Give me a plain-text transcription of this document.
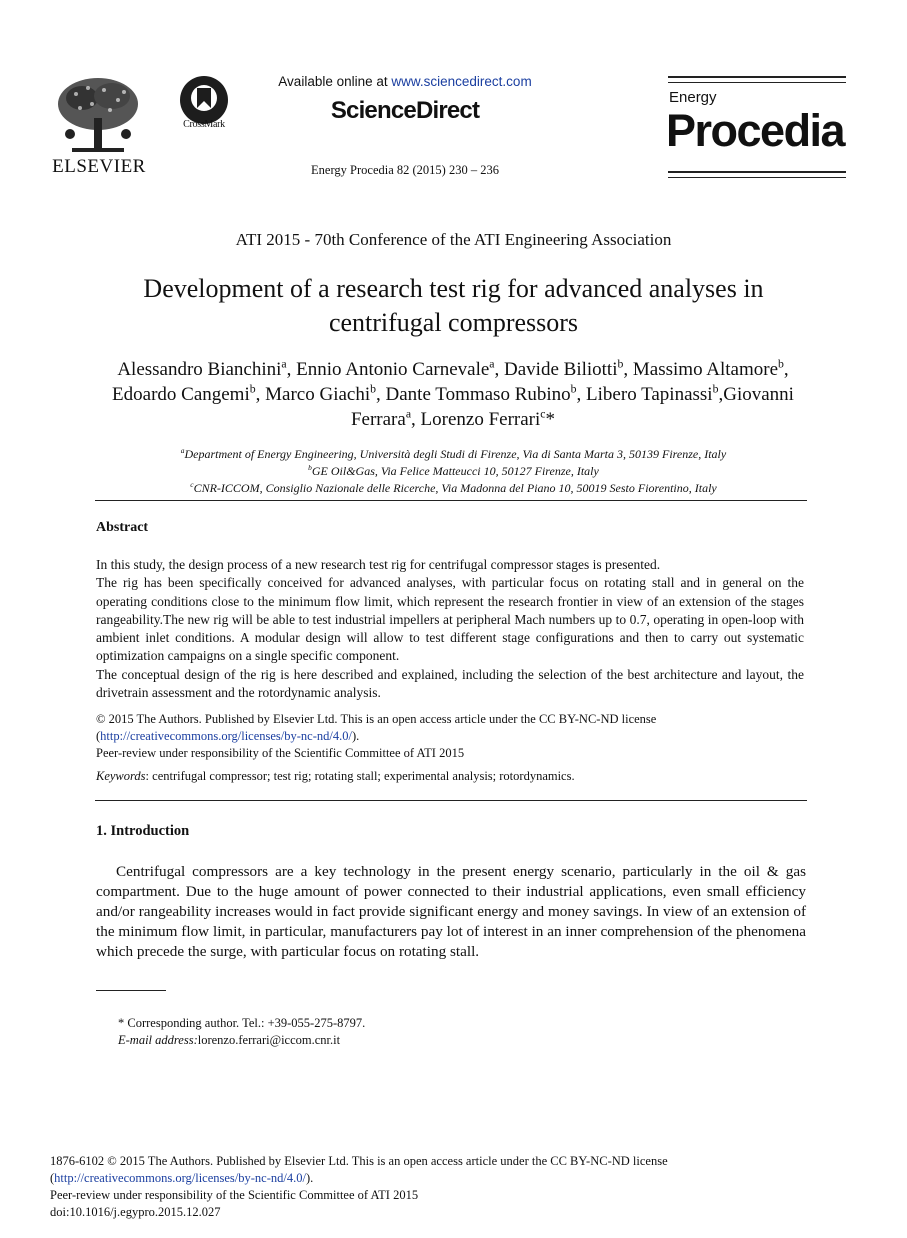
ELSEVIER
CrossMark
Available online at www.sciencedirect.com
ScienceDirect
Energy Procedia 82 (2015) 230 – 236
Energy
Procedia
ATI 2015 - 70th Conference of the ATI Engineering Association
Development of a research test rig for advanced analyses in
centrifugal compressors
Alessandro Bianchini$^a$, Ennio Antonio Carnevale$^a$, Davide Biliotti$^b$, Massimo Altamore$^b$, Edoardo Cangemi$^b$, Marco Giachi$^b$, Dante Tommaso Rubino$^b$, Libero Tapinassi$^b$,Giovanni Ferrara$^a$, Lorenzo Ferrari$^c$*
$^a$Department of Energy Engineering, Università degli Studi di Firenze, Via di Santa Marta 3, 50139 Firenze, Italy
$^b$GE Oil&Gas, Via Felice Matteucci 10, 50127 Firenze, Italy
$^c$CNR-ICCOM, Consiglio Nazionale delle Ricerche, Via Madonna del Piano 10, 50019 Sesto Fiorentino, Italy
Abstract
In this study, the design process of a new research test rig for centrifugal compressor stages is presented.
The rig has been specifically conceived for advanced analyses, with particular focus on rotating stall and in general on the operating conditions close to the minimum flow limit, which represent the research frontier in view of an extension of the stages rangeability.The new rig will be able to test industrial impellers at peripheral Mach numbers up to 0.7, operating in open-loop with ambient inlet conditions. A modular design will allow to test different stage configurations and then to carry out systematic optimization campaigns on a single specific component.
The conceptual design of the rig is here described and explained, including the selection of the best architecture and layout, the drivetrain assessment and the rotordynamic analysis.
© 2015 The Authors. Published by Elsevier Ltd. This is an open access article under the CC BY-NC-ND license
(http://creativecommons.org/licenses/by-nc-nd/4.0/).
Peer-review under responsibility of the Scientific Committee of ATI 2015
Keywords: centrifugal compressor; test rig; rotating stall; experimental analysis; rotordynamics.
1. Introduction
Centrifugal compressors are a key technology in the present energy scenario, particularly in the oil & gas compartment. Due to the huge amount of power connected to their industrial applications, even small efficiency and/or rangeability increases would in fact provide significant energy and money savings. In view of an extension of the minimum flow limit, in particular, manufacturers pay lot of interest in an inner comprehension of the phenomena which precede the surge, with particular focus on rotating stall.
* Corresponding author. Tel.: +39-055-275-8797.
E-mail address:lorenzo.ferrari@iccom.cnr.it
1876-6102 © 2015 The Authors. Published by Elsevier Ltd. This is an open access article under the CC BY-NC-ND license
(http://creativecommons.org/licenses/by-nc-nd/4.0/).
Peer-review under responsibility of the Scientific Committee of ATI 2015
doi:10.1016/j.egypro.2015.12.027
